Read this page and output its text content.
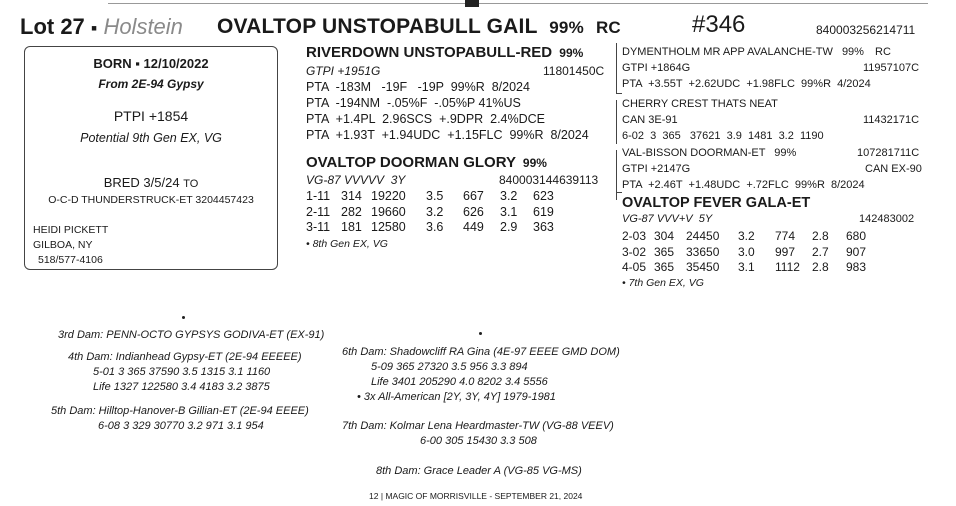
Lot 27 ▪ Holstein OVALTOP UNSTOPABULL GAIL 99% RC	#346	840003256214711
BORN ▪ 12/10/2022
From 2E-94 Gypsy
PTPI +1854
Potential 9th Gen EX, VG
BRED 3/5/24 TO
O-C-D THUNDERSTRUCK-ET 3204457423
HEIDI PICKETT
GILBOA, NY
518/577-4106
RIVERDOWN UNSTOPABULL-RED 99%
GTPI +1951G	11801450C
PTA  -183M   -19F   -19P  99%R  8/2024
PTA  -194NM  -.05%F  -.05%P 41%US
PTA  +1.4PL  2.96SCS  +.9DPR  2.4%DCE
PTA  +1.93T  +1.94UDC  +1.15FLC  99%R  8/2024
OVALTOP DOORMAN GLORY 99%
VG-87 VVVVV  3Y	840003144639113
1-11 314 19220	3.5	667	3.2	623
2-11 282 19660	3.2	626	3.1	619
3-11 181 12580	3.6	449	2.9	363
• 8th Gen EX, VG
DYMENTHOLM MR APP AVALANCHE-TW 99% RC
GTPI +1864G	11957107C
PTA  +3.55T  +2.62UDC  +1.98FLC  99%R  4/2024
CHERRY CREST THATS NEAT
CAN 3E-91	11432171C
6-02  3  365   37621  3.9  1481  3.2  1190
VAL-BISSON DOORMAN-ET 99%	107281711C
GTPI +2147G	CAN EX-90
PTA  +2.46T  +1.48UDC  +.72FLC  99%R  8/2024
OVALTOP FEVER GALA-ET
VG-87 VVV+V  5Y	142483002
2-03 304 24450	3.2	774	2.8	680
3-02 365 33650	3.0	997	2.7	907
4-05 365 35450	3.1	1112	2.8	983
• 7th Gen EX, VG
3rd Dam: PENN-OCTO GYPSYS GODIVA-ET (EX-91)
4th Dam: Indianhead Gypsy-ET (2E-94 EEEEE)
5-01 3 365 37590 3.5 1315 3.1 1160
Life 1327 122580 3.4 4183 3.2 3875
5th Dam: Hilltop-Hanover-B Gillian-ET (2E-94 EEEE)
6-08 3 329 30770 3.2 971 3.1 954
6th Dam: Shadowcliff RA Gina (4E-97 EEEE GMD DOM)
5-09 365 27320 3.5 956 3.3 894
Life 3401 205290 4.0 8202 3.4 5556
• 3x All-American [2Y, 3Y, 4Y] 1979-1981
7th Dam: Kolmar Lena Heardmaster-TW (VG-88 VEEV)
6-00 305 15430 3.3 508
8th Dam: Grace Leader A (VG-85 VG-MS)
12 | MAGIC OF MORRISVILLE - SEPTEMBER 21, 2024
